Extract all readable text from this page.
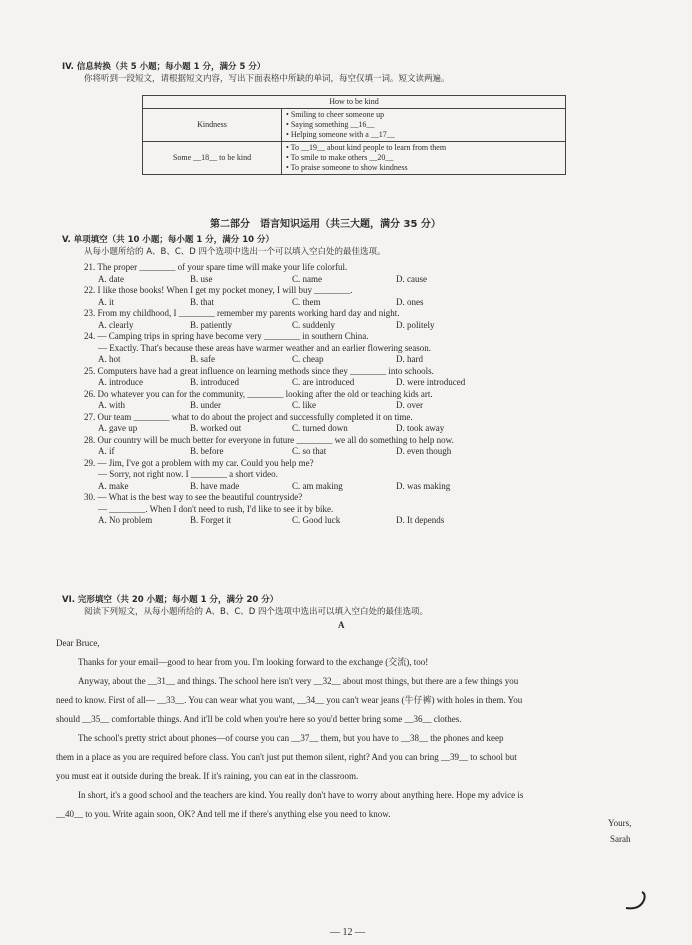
IV. 信息转换（共 5 小题；每小题 1 分，满分 5 分）
你将听到一段短文，请根据短文内容，写出下面表格中所缺的单词，每空仅填一词。短文读两遍。
How to be kind	
Kindness	• Smiling to cheer someone up
• Saying something __16__
• Helping someone with a __17__

Some __18__ to be kind	• To __19__ about kind people to learn from them
• To smile to make others __20__
• To praise someone to show kindness
第二部分　语言知识运用（共三大题，满分 35 分）
V. 单项填空（共 10 小题；每小题 1 分，满分 10 分）
从每小题所给的 A、B、C、D 四个选项中选出一个可以填入空白处的最佳选项。
21. The proper ________ of your spare time will make your life colorful.
A. date	B. use	C. name	D. cause
22. I like those books! When I get my pocket money, I will buy ________.
A. it	B. that	C. them	D. ones
23. From my childhood, I ________ remember my parents working hard day and night.
A. clearly	B. patiently	C. suddenly	D. politely
24. — Camping trips in spring have become very ________ in southern China.
— Exactly. That's because these areas have warmer weather and an earlier flowering season.
A. hot	B. safe	C. cheap	D. hard
25. Computers have had a great influence on learning methods since they ________ into schools.
A. introduce	B. introduced	C. are introduced	D. were introduced
26. Do whatever you can for the community, ________ looking after the old or teaching kids art.
A. with	B. under	C. like	D. over
27. Our team ________ what to do about the project and successfully completed it on time.
A. gave up	B. worked out	C. turned down	D. took away
28. Our country will be much better for everyone in future ________ we all do something to help now.
A. if	B. before	C. so that	D. even though
29. — Jim, I've got a problem with my car. Could you help me?
— Sorry, not right now. I ________ a short video.
A. make	B. have made	C. am making	D. was making
30. — What is the best way to see the beautiful countryside?
— ________. When I don't need to rush, I'd like to see it by bike.
A. No problem	B. Forget it	C. Good luck	D. It depends
VI. 完形填空（共 20 小题；每小题 1 分，满分 20 分）
阅读下列短文，从每小题所给的 A、B、C、D 四个选项中选出可以填入空白处的最佳选项。
A
Dear Bruce,
Thanks for your email—good to hear from you. I'm looking forward to the exchange (交流), too!
Anyway, about the __31__ and things. The school here isn't very __32__ about most things, but there are a few things you
need to know. First of all— __33__. You can wear what you want, __34__ you can't wear jeans (牛仔裤) with holes in them. You
should __35__ comfortable things. And it'll be cold when you're here so you'd better bring some __36__ clothes.
The school's pretty strict about phones—of course you can __37__ them, but you have to __38__ the phones and keep
them in a place as you are required before class. You can't just put themon silent, right? And you can bring __39__ to school but
you must eat it outside during the break. If it's raining, you can eat in the classroom.
In short, it's a good school and the teachers are kind. You really don't have to worry about anything here. Hope my advice is
__40__ to you. Write again soon, OK? And tell me if there's anything else you need to know.
Yours,
Sarah
— 12 —
